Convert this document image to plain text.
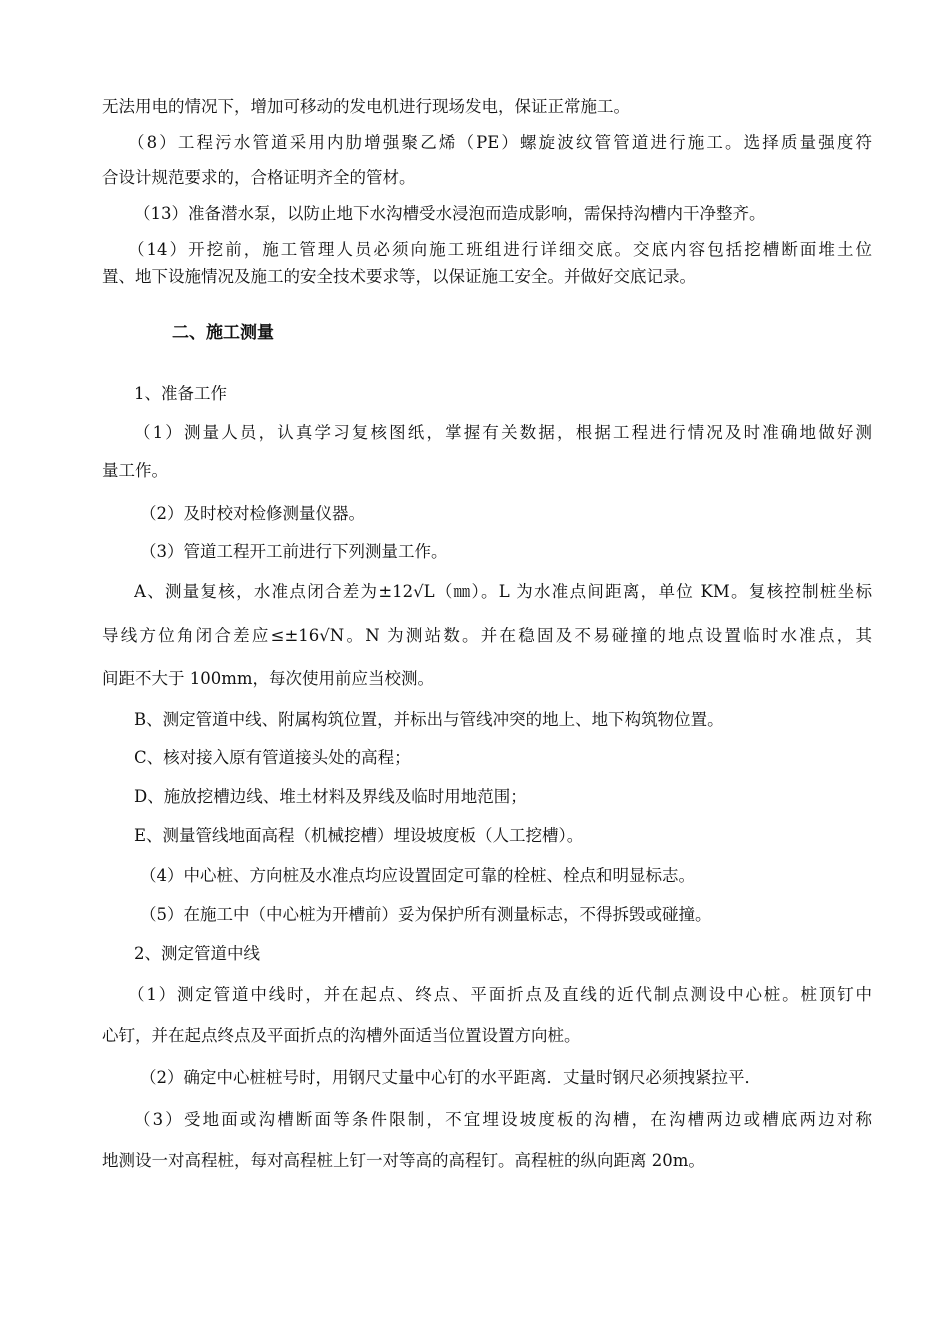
无法用电的情况下，增加可移动的发电机进行现场发电，保证正常施工。
（8）工程污水管道采用内肋增强聚乙烯（PE）螺旋波纹管管道进行施工。选择质量强度符
合设计规范要求的，合格证明齐全的管材。
（13）准备潜水泵，以防止地下水沟槽受水浸泡而造成影响，需保持沟槽内干净整齐。
（14）开挖前，施工管理人员必须向施工班组进行详细交底。交底内容包括挖槽断面堆土位
置、地下设施情况及施工的安全技术要求等，以保证施工安全。并做好交底记录。
二、施工测量
1、准备工作
（1）测量人员，认真学习复核图纸，掌握有关数据，根据工程进行情况及时准确地做好测
量工作。
（2）及时校对检修测量仪器。
（3）管道工程开工前进行下列测量工作。
A、测量复核，水准点闭合差为±12√L（㎜）。L 为水准点间距离，单位 KM。复核控制桩坐标
导线方位角闭合差应≤±16√N。N 为测站数。并在稳固及不易碰撞的地点设置临时水准点，其
间距不大于 100mm，每次使用前应当校测。
B、测定管道中线、附属构筑位置，并标出与管线冲突的地上、地下构筑物位置。
C、核对接入原有管道接头处的高程；
D、施放挖槽边线、堆土材料及界线及临时用地范围；
E、测量管线地面高程（机械挖槽）埋设坡度板（人工挖槽）。
（4）中心桩、方向桩及水准点均应设置固定可靠的栓桩、栓点和明显标志。
（5）在施工中（中心桩为开槽前）妥为保护所有测量标志，不得拆毁或碰撞。
2、测定管道中线
（1）测定管道中线时，并在起点、终点、平面折点及直线的近代制点测设中心桩。桩顶钉中
心钉，并在起点终点及平面折点的沟槽外面适当位置设置方向桩。
（2）确定中心桩桩号时，用钢尺丈量中心钉的水平距离．丈量时钢尺必须拽紧拉平．
（3）受地面或沟槽断面等条件限制，不宜埋设坡度板的沟槽，在沟槽两边或槽底两边对称
地测设一对高程桩，每对高程桩上钉一对等高的高程钉。高程桩的纵向距离 20m。
